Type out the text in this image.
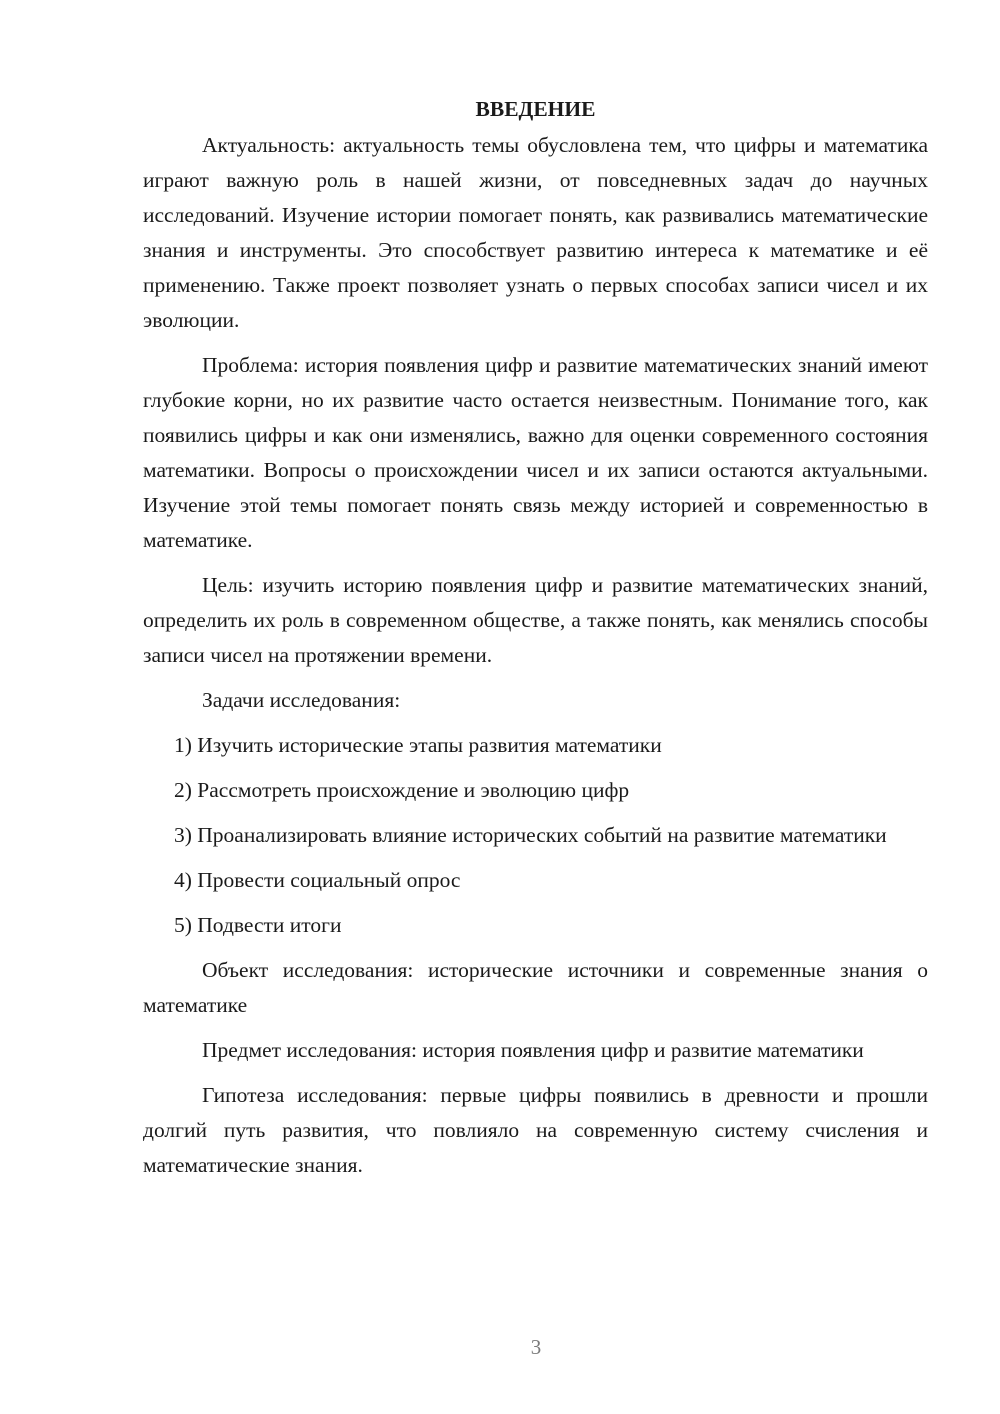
ВВЕДЕНИЕ

Актуальность: актуальность темы обусловлена тем, что цифры и математика играют важную роль в нашей жизни, от повседневных задач до научных исследований. Изучение истории помогает понять, как развивались математические знания и инструменты. Это способствует развитию интереса к математике и её применению. Также проект позволяет узнать о первых способах записи чисел и их эволюции.

Проблема: история появления цифр и развитие математических знаний имеют глубокие корни, но их развитие часто остается неизвестным. Понимание того, как появились цифры и как они изменялись, важно для оценки современного состояния математики. Вопросы о происхождении чисел и их записи остаются актуальными. Изучение этой темы помогает понять связь между историей и современностью в математике.

Цель: изучить историю появления цифр и развитие математических знаний, определить их роль в современном обществе, а также понять, как менялись способы записи чисел на протяжении времени.

Задачи исследования:

1) Изучить исторические этапы развития математики

2) Рассмотреть происхождение и эволюцию цифр

3) Проанализировать влияние исторических событий на развитие математики

4) Провести социальный опрос

5) Подвести итоги

Объект исследования: исторические источники и современные знания о математике

Предмет исследования: история появления цифр и развитие математики

Гипотеза исследования: первые цифры появились в древности и прошли долгий путь развития, что повлияло на современную систему счисления и математические знания.

3
